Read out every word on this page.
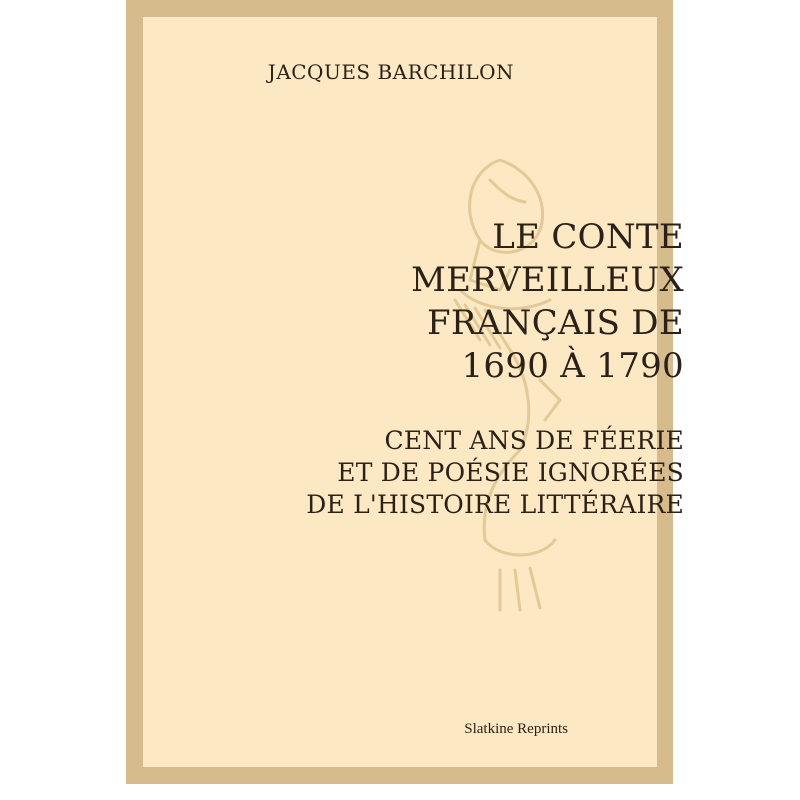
JACQUES BARCHILON
LE CONTE
MERVEILLEUX
FRANÇAIS DE
1690 À 1790
CENT ANS DE FÉERIE
ET DE POÉSIE IGNORÉES
DE L'HISTOIRE LITTÉRAIRE
Slatkine Reprints
